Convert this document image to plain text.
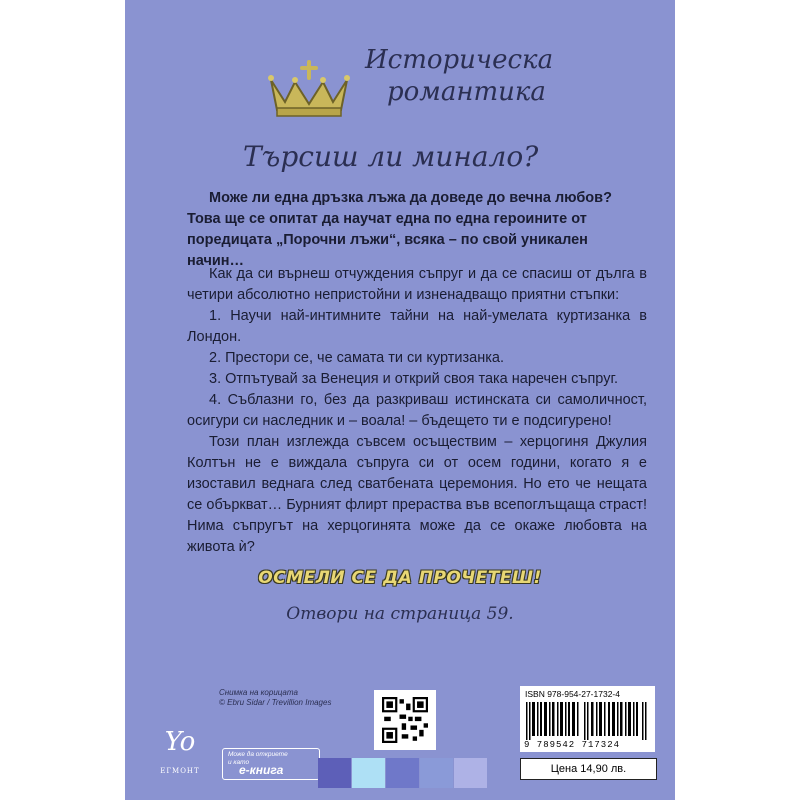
Историческа
романтика
Търсиш ли минало?
Може ли една дръзка лъжа да доведе до вечна любов? Това ще се опитат да научат една по една героините от поредицата „Порочни лъжи“, всяка – по свой уникален начин…

Как да си върнеш отчуждения съпруг и да се спасиш от дълга в четири абсолютно непристойни и изненадващо приятни стъпки:

1. Научи най-интимните тайни на най-умелата куртизанка в Лондон.

2. Престори се, че самата ти си куртизанка.

3. Отпътувай за Венеция и открий своя така наречен съпруг.

4. Съблазни го, без да разкриваш истинската си самоличност, осигури си наследник и – воала! – бъдещето ти е подсигурено!

Този план изглежда съвсем осъществим – херцогиня Джулия Колтън не е виждала съпруга си от осем години, когато я е изоставил веднага след сватбената церемония. Но ето че нещата се объркват… Бурният флирт прераства във всепоглъщаща страст! Нима съпругът на херцогинята може да се окаже любовта на живота ѝ?

ОСМЕЛИ СЕ ДА ПРОЧЕТЕШ!
Отвори на страница 59.
Снимка на корицата
© Ebru Sidar / Trevillion Images
Yo
ЕГМОНТ
Може да откриете и като
е-книга
ISBN 978-954-27-1732-4
9 789542 717324
Цена 14,90 лв.
